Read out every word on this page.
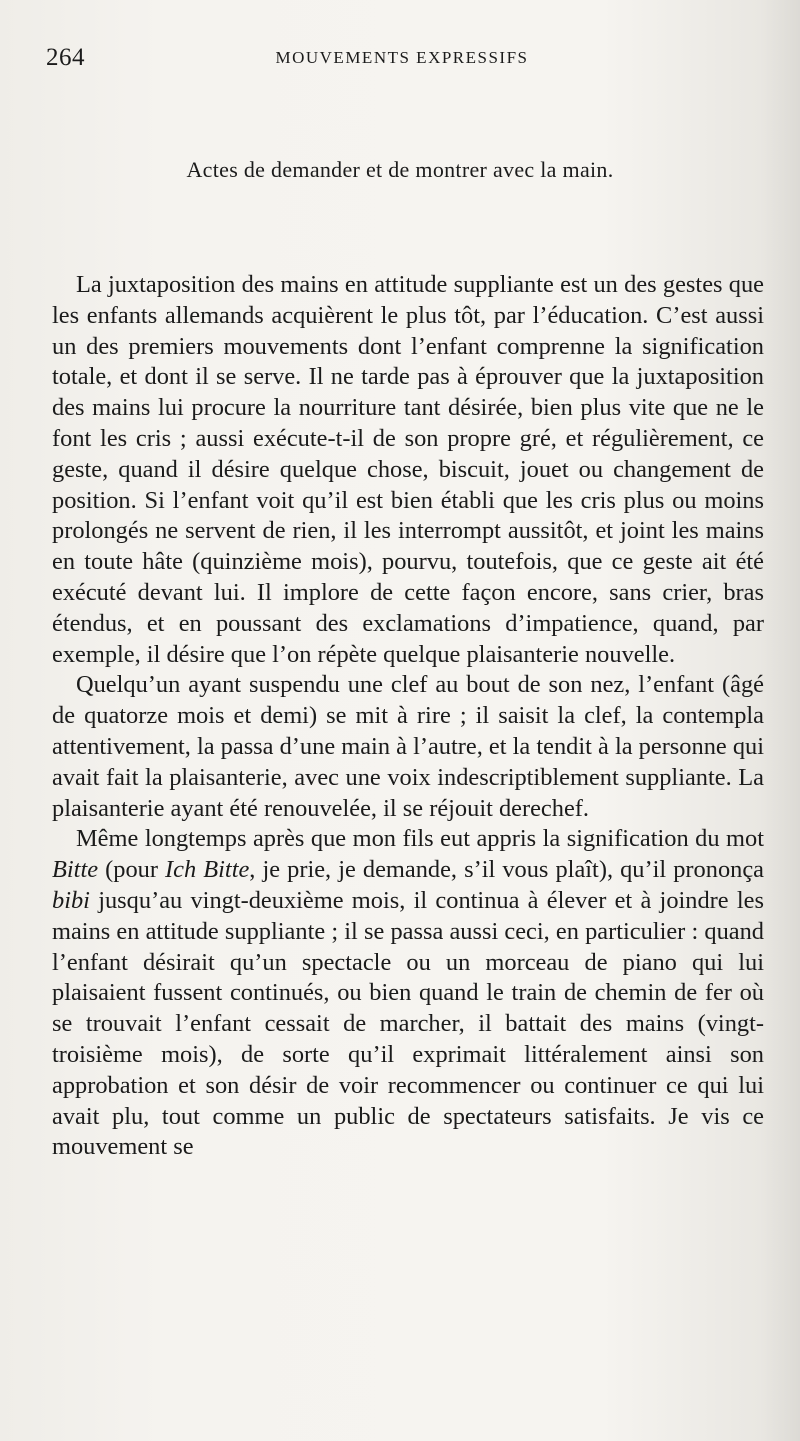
264	MOUVEMENTS EXPRESSIFS
Actes de demander et de montrer avec la main.

La juxtaposition des mains en attitude suppliante est un des gestes que les enfants allemands acquièrent le plus tôt, par l’éducation. C’est aussi un des premiers mouvements dont l’enfant comprenne la signification totale, et dont il se serve. Il ne tarde pas à éprouver que la juxtaposition des mains lui procure la nourriture tant désirée, bien plus vite que ne le font les cris ; aussi exécute-t-il de son propre gré, et régulièrement, ce geste, quand il désire quelque chose, biscuit, jouet ou changement de position. Si l’enfant voit qu’il est bien établi que les cris plus ou moins prolongés ne servent de rien, il les interrompt aussitôt, et joint les mains en toute hâte (quinzième mois), pourvu, toutefois, que ce geste ait été exécuté devant lui. Il implore de cette façon encore, sans crier, bras étendus, et en poussant des exclamations d’impatience, quand, par exemple, il désire que l’on répète quelque plaisanterie nouvelle.

Quelqu’un ayant suspendu une clef au bout de son nez, l’enfant (âgé de quatorze mois et demi) se mit à rire ; il saisit la clef, la contempla attentivement, la passa d’une main à l’autre, et la tendit à la personne qui avait fait la plaisanterie, avec une voix indescriptiblement suppliante. La plaisanterie ayant été renouvelée, il se réjouit derechef.

Même longtemps après que mon fils eut appris la signification du mot Bitte (pour Ich Bitte, je prie, je demande, s’il vous plaît), qu’il prononça bibi jusqu’au vingt-deuxième mois, il continua à élever et à joindre les mains en attitude suppliante ; il se passa aussi ceci, en particulier : quand l’enfant désirait qu’un spectacle ou un morceau de piano qui lui plaisaient fussent continués, ou bien quand le train de chemin de fer où se trouvait l’enfant cessait de marcher, il battait des mains (vingt-troisième mois), de sorte qu’il exprimait littéralement ainsi son approbation et son désir de voir recommencer ou continuer ce qui lui avait plu, tout comme un public de spectateurs satisfaits. Je vis ce mouvement se
